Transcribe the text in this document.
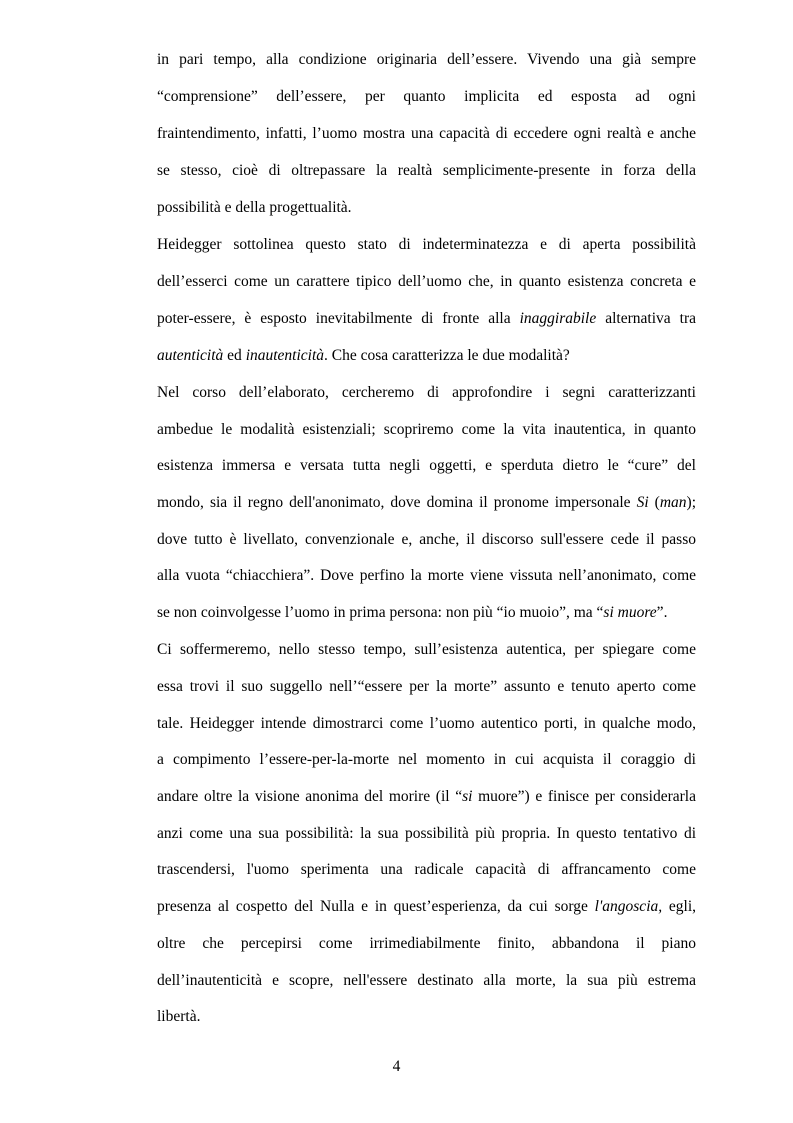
in pari tempo, alla condizione originaria dell’essere. Vivendo una già sempre
“comprensione” dell’essere, per quanto implicita ed esposta ad ogni
fraintendimento, infatti, l’uomo mostra una capacità di eccedere ogni realtà e anche
se stesso, cioè di oltrepassare la realtà semplicimente-presente in forza della
possibilità e della progettualità.
Heidegger sottolinea questo stato di indeterminatezza e di aperta possibilità
dell’esserci come un carattere tipico dell’uomo che, in quanto esistenza concreta e
poter-essere, è esposto inevitabilmente di fronte alla inaggirabile alternativa tra
autenticità ed inautenticità. Che cosa caratterizza le due modalità?
Nel corso dell’elaborato, cercheremo di approfondire i segni caratterizzanti
ambedue le modalità esistenziali; scopriremo come la vita inautentica, in quanto
esistenza immersa e versata tutta negli oggetti, e sperduta dietro le “cure” del
mondo, sia il regno dell'anonimato, dove domina il pronome impersonale Si (man);
dove tutto è livellato, convenzionale e, anche, il discorso sull'essere cede il passo
alla vuota “chiacchiera”. Dove perfino la morte viene vissuta nell’anonimato, come
se non coinvolgesse l’uomo in prima persona: non più “io muoio”, ma “si muore”.
Ci soffermeremo, nello stesso tempo, sull’esistenza autentica, per spiegare come
essa trovi il suo suggello nell’“essere per la morte” assunto e tenuto aperto come
tale. Heidegger intende dimostrarci come l’uomo autentico porti, in qualche modo,
a compimento l’essere-per-la-morte nel momento in cui acquista il coraggio di
andare oltre la visione anonima del morire (il “si muore”) e finisce per considerarla
anzi come una sua possibilità: la sua possibilità più propria. In questo tentativo di
trascendersi, l'uomo sperimenta una radicale capacità di affrancamento come
presenza al cospetto del Nulla e in quest’esperienza, da cui sorge l'angoscia, egli,
oltre che percepirsi come irrimediabilmente finito, abbandona il piano
dell’inautenticità e scopre, nell'essere destinato alla morte, la sua più estrema
libertà.
4
